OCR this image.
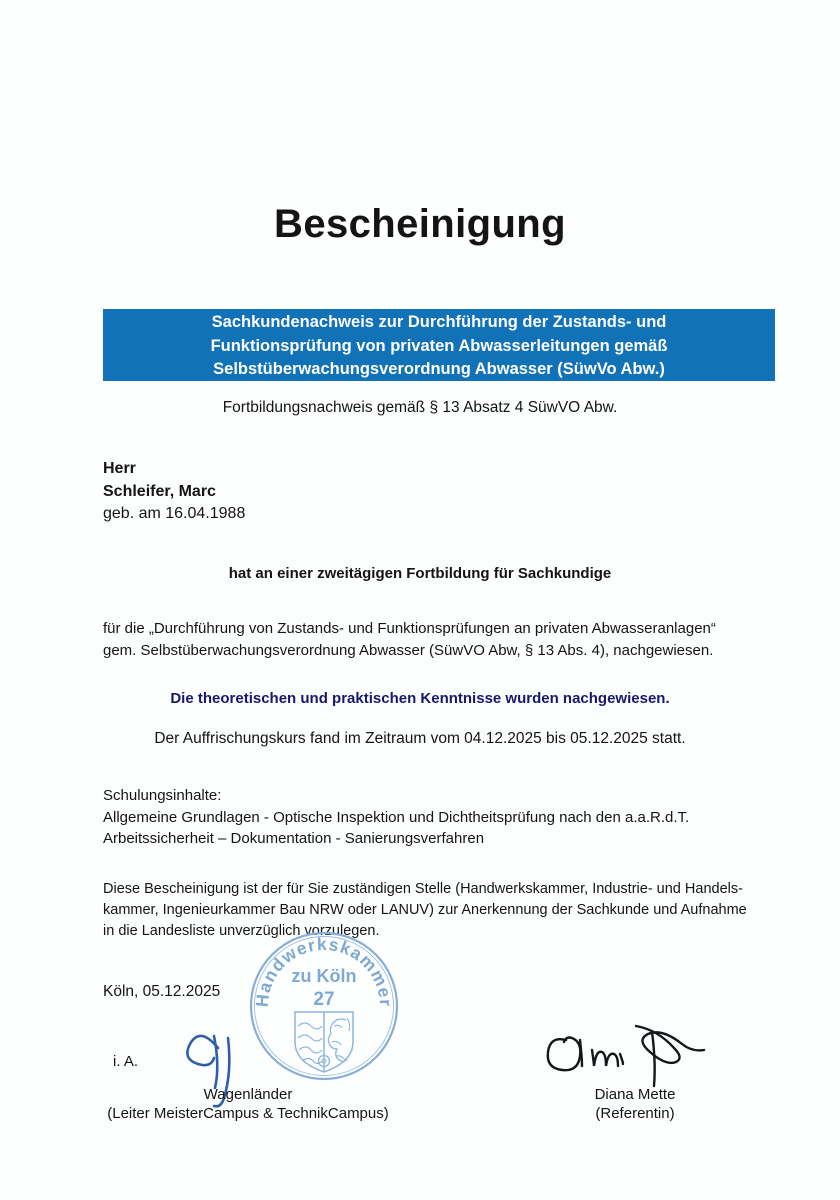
Bescheinigung
Sachkundenachweis zur Durchführung der Zustands- und
Funktionsprüfung von privaten Abwasserleitungen gemäß
Selbstüberwachungsverordnung Abwasser (SüwVo Abw.)
Fortbildungsnachweis gemäß § 13 Absatz 4 SüwVO Abw.
Herr
Schleifer, Marc
geb. am 16.04.1988
hat an einer zweitägigen Fortbildung für Sachkundige
für die „Durchführung von Zustands- und Funktionsprüfungen an privaten Abwasseranlagen“
gem. Selbstüberwachungsverordnung Abwasser (SüwVO Abw, § 13 Abs. 4), nachgewiesen.
Die theoretischen und praktischen Kenntnisse wurden nachgewiesen.
Der Auffrischungskurs fand im Zeitraum vom 04.12.2025 bis 05.12.2025 statt.
Schulungsinhalte:
Allgemeine Grundlagen - Optische Inspektion und Dichtheitsprüfung nach den a.a.R.d.T.
Arbeitssicherheit – Dokumentation - Sanierungsverfahren
Diese Bescheinigung ist der für Sie zuständigen Stelle (Handwerkskammer, Industrie- und Handels-
kammer, Ingenieurkammer Bau NRW oder LANUV) zur Anerkennung der Sachkunde und Aufnahme
in die Landesliste unverzüglich vorzulegen.
Köln, 05.12.2025
i. A.
Handwerkskammer
zu Köln
27
Wagenländer
(Leiter MeisterCampus & TechnikCampus)
Diana Mette
(Referentin)
